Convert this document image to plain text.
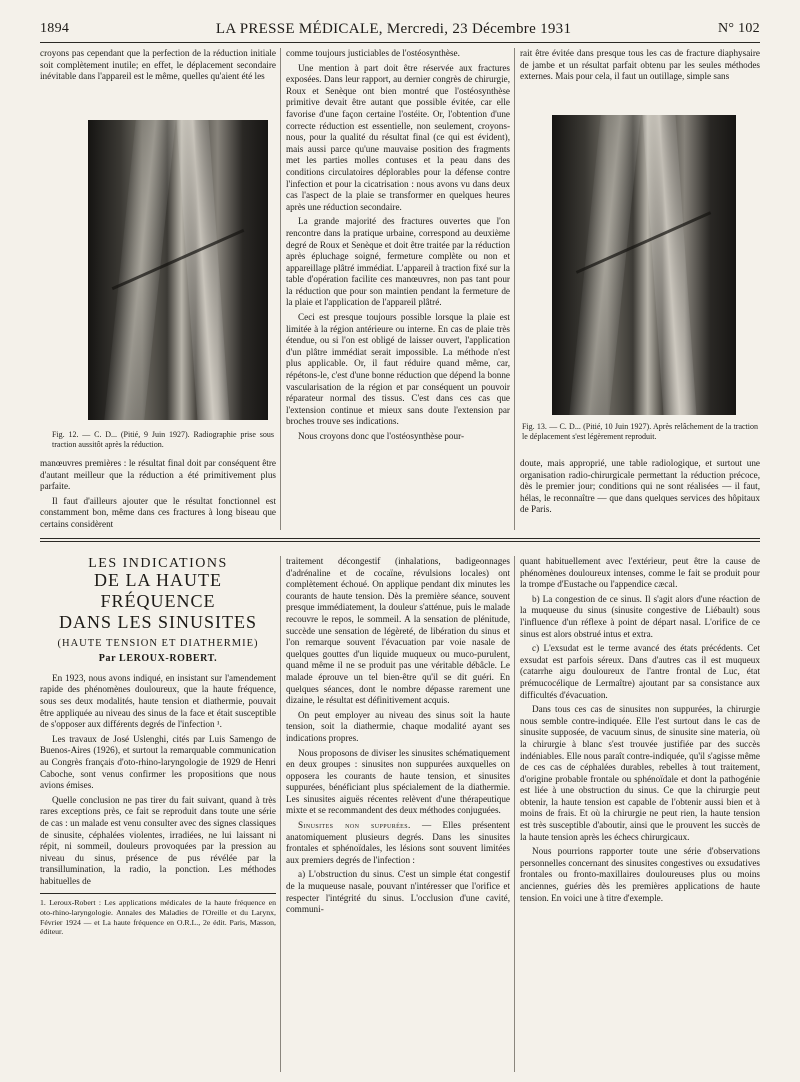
1894	LA PRESSE MÉDICALE, Mercredi, 23 Décembre 1931	N° 102

croyons pas cependant que la perfection de la réduction initiale soit complètement inutile; en effet, le déplacement secondaire inévitable dans l'appareil est le même, quelles qu'aient été les

Fig. 12. — C. D... (Pitié, 9 Juin 1927). Radiographie prise sous traction aussitôt après la réduction.

manœuvres premières : le résultat final doit par conséquent être d'autant meilleur que la réduction a été primitivement plus parfaite.

Il faut d'ailleurs ajouter que le résultat fonctionnel est constamment bon, même dans ces fractures à long biseau que certains considèrent

comme toujours justiciables de l'ostéosynthèse.

Une mention à part doit être réservée aux fractures exposées. Dans leur rapport, au dernier congrès de chirurgie, Roux et Senèque ont bien montré que l'ostéosynthèse primitive devait être autant que possible évitée, car elle favorise d'une façon certaine l'ostéite. Or, l'obtention d'une correcte réduction est essentielle, non seulement, croyons-nous, pour la qualité du résultat final (ce qui est évident), mais aussi parce qu'une mauvaise position des fragments met les parties molles contuses et la peau dans des conditions circulatoires déplorables pour la défense contre l'infection et pour la cicatrisation : nous avons vu dans deux cas l'aspect de la plaie se transformer en quelques heures après une réduction secondaire.

La grande majorité des fractures ouvertes que l'on rencontre dans la pratique urbaine, correspond au deuxième degré de Roux et Senèque et doit être traitée par la réduction après épluchage soigné, fermeture complète ou non et appareillage plâtré immédiat. L'appareil à traction fixé sur la table d'opération facilite ces manœuvres, non pas tant pour la réduction que pour son maintien pendant la fermeture de la plaie et l'application de l'appareil plâtré.

Ceci est presque toujours possible lorsque la plaie est limitée à la région antérieure ou interne. En cas de plaie très étendue, ou si l'on est obligé de laisser ouvert, l'application d'un plâtre immédiat serait impossible. La méthode n'est plus applicable. Or, il faut réduire quand même, car, répétons-le, c'est d'une bonne réduction que dépend la bonne vascularisation de la région et par conséquent un pouvoir réparateur normal des tissus. C'est dans ces cas que l'extension continue et mieux sans doute l'extension par broches trouve ses indications.

Nous croyons donc que l'ostéosynthèse pour-

rait être évitée dans presque tous les cas de fracture diaphysaire de jambe et un résultat parfait obtenu par les seules méthodes externes. Mais pour cela, il faut un outillage, simple sans

Fig. 13. — C. D... (Pitié, 10 Juin 1927). Après relâchement de la traction le déplacement s'est légèrement reproduit.

doute, mais approprié, une table radiologique, et surtout une organisation radio-chirurgicale permettant la réduction précoce, dès le premier jour; conditions qui ne sont réalisées — il faut, hélas, le reconnaître — que dans quelques services des hôpitaux de Paris.

LES INDICATIONS
DE LA HAUTE FRÉQUENCE
DANS LES SINUSITES
(HAUTE TENSION ET DIATHERMIE)
Par LEROUX-ROBERT.

En 1923, nous avons indiqué, en insistant sur l'amendement rapide des phénomènes douloureux, que la haute fréquence, sous ses deux modalités, haute tension et diathermie, pouvait être appliquée au niveau des sinus de la face et était susceptible de s'opposer aux différents degrés de l'infection ¹.

Les travaux de José Uslenghi, cités par Luis Samengo de Buenos-Aires (1926), et surtout la remarquable communication au Congrès français d'oto-rhino-laryngologie de 1929 de Henri Caboche, sont venus confirmer les propositions que nous avions émises.

Quelle conclusion ne pas tirer du fait suivant, quand à très rares exceptions près, ce fait se reproduit dans toute une série de cas : un malade est venu consulter avec des signes classiques de sinusite, céphalées violentes, irradiées, ne lui laissant ni répit, ni sommeil, douleurs provoquées par la pression au niveau du sinus, présence de pus révélée par la transillumination, la radio, la ponction. Les méthodes habituelles de

1. Leroux-Robert : Les applications médicales de la haute fréquence en oto-rhino-laryngologie. Annales des Maladies de l'Oreille et du Larynx, Février 1924 — et La haute fréquence en O.R.L., 2e édit. Paris, Masson, éditeur.

traitement décongestif (inhalations, badigeonnages d'adrénaline et de cocaïne, révulsions locales) ont complètement échoué. On applique pendant dix minutes les courants de haute tension. Dès la première séance, souvent presque immédiatement, la douleur s'atténue, puis le malade recouvre le repos, le sommeil. A la sensation de plénitude, succède une sensation de légèreté, de libération du sinus et l'on remarque souvent l'évacuation par voie nasale de quelques gouttes d'un liquide muqueux ou muco-purulent, quand même il ne se produit pas une véritable débâcle. Le malade éprouve un tel bien-être qu'il se dit guéri. En quelques séances, dont le nombre dépasse rarement une dizaine, le résultat est définitivement acquis.

On peut employer au niveau des sinus soit la haute tension, soit la diathermie, chaque modalité ayant ses indications propres.

Nous proposons de diviser les sinusites schématiquement en deux groupes : sinusites non suppurées auxquelles on opposera les courants de haute tension, et sinusites suppurées, bénéficiant plus spécialement de la diathermie. Les sinusites aiguës récentes relèvent d'une thérapeutique mixte et se recommandent des deux méthodes conjuguées.

Sinusites non suppurées. — Elles présentent anatomiquement plusieurs degrés. Dans les sinusites frontales et sphénoïdales, les lésions sont souvent limitées aux premiers degrés de l'infection :

a) L'obstruction du sinus. C'est un simple état congestif de la muqueuse nasale, pouvant n'intéresser que l'orifice et respecter l'intégrité du sinus. L'occlusion d'une cavité, communi-

quant habituellement avec l'extérieur, peut être la cause de phénomènes douloureux intenses, comme le fait se produit pour la trompe d'Eustache ou l'appendice cæcal.

b) La congestion de ce sinus. Il s'agit alors d'une réaction de la muqueuse du sinus (sinusite congestive de Liébault) sous l'influence d'un réflexe à point de départ nasal. L'orifice de ce sinus est alors obstrué intus et extra.

c) L'exsudat est le terme avancé des états précédents. Cet exsudat est parfois séreux. Dans d'autres cas il est muqueux (catarrhe aigu douloureux de l'antre frontal de Luc, état prémucocélique de Lermaître) ajoutant par sa consistance aux difficultés d'évacuation.

Dans tous ces cas de sinusites non suppurées, la chirurgie nous semble contre-indiquée. Elle l'est surtout dans le cas de sinusite supposée, de vacuum sinus, de sinusite sine materia, où la chirurgie à blanc s'est trouvée justifiée par des succès indéniables. Elle nous paraît contre-indiquée, qu'il s'agisse même de ces cas de céphalées durables, rebelles à tout traitement, d'origine probable frontale ou sphénoïdale et dont la pathogénie est liée à une obstruction du sinus. Ce que la chirurgie peut obtenir, la haute tension est capable de l'obtenir aussi bien et à moins de frais. Et où la chirurgie ne peut rien, la haute tension est très susceptible d'aboutir, ainsi que le prouvent les succès de la haute tension après les échecs chirurgicaux.

Nous pourrions rapporter toute une série d'observations personnelles concernant des sinusites congestives ou exsudatives frontales ou fronto-maxillaires douloureuses plus ou moins anciennes, guéries dès les premières applications de haute tension. En voici une à titre d'exemple.
